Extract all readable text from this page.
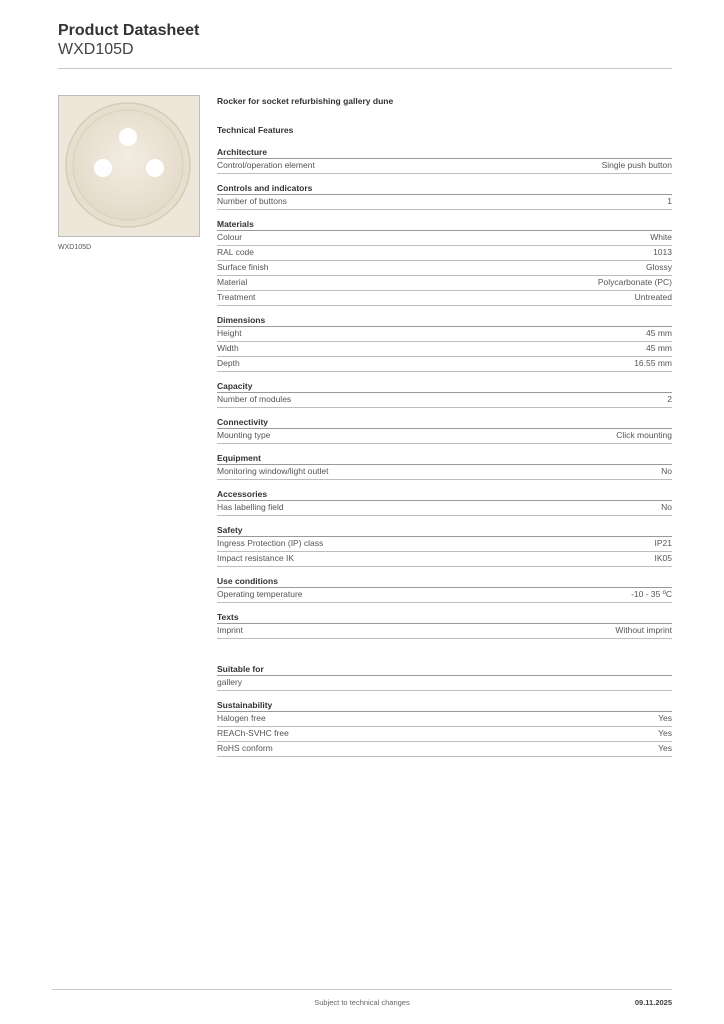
Product Datasheet
WXD105D
WXD105D
Rocker for socket refurbishing gallery dune
Technical Features
Architecture
Control/operation element	Single push button
Controls and indicators
Number of buttons	1
Materials
Colour	White
RAL code	1013
Surface finish	Glossy
Material	Polycarbonate (PC)
Treatment	Untreated
Dimensions
Height	45 mm
Width	45 mm
Depth	16.55 mm
Capacity
Number of modules	2
Connectivity
Mounting type	Click mounting
Equipment
Monitoring window/light outlet	No
Accessories
Has labelling field	No
Safety
Ingress Protection (IP) class	IP21
Impact resistance IK	IK05
Use conditions
Operating temperature	-10 - 35 ºC
Texts
Imprint	Without imprint
Suitable for
gallery
Sustainability
Halogen free	Yes
REACh-SVHC free	Yes
RoHS conform	Yes
Subject to technical changes	09.11.2025
